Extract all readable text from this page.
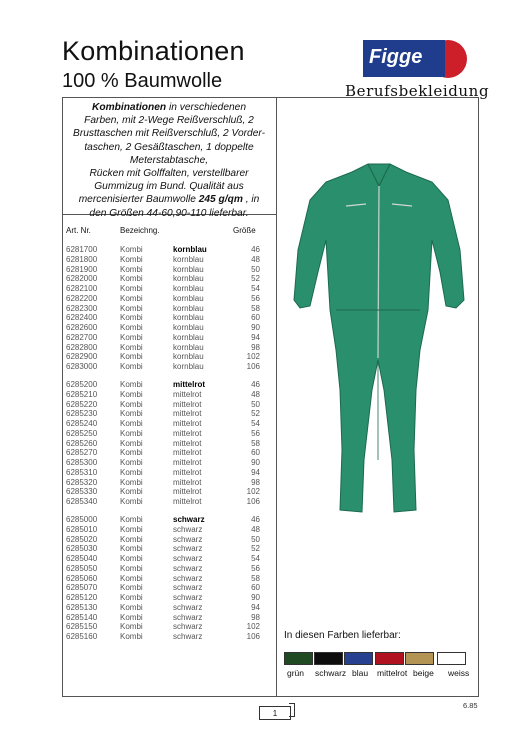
Kombinationen
100 % Baumwolle
Figge
Berufsbekleidung
Kombinationen in verschiedenen
Farben, mit 2-Wege Reißverschluß, 2
Brusttaschen mit Reißverschluß, 2 Vorder-
taschen, 2 Gesäßtaschen, 1 doppelte
Meterstabtasche,
Rücken mit Golffalten, verstellbarer
Gummizug im Bund. Qualität aus
mercenisierter Baumwolle 245 g/qm , in
den Größen 44-60,90-110 lieferbar.
Art. Nr.	Bezeichng.	Größe
6281700	Kombi	kornblau	46
6281800	Kombi	kornblau	48
6281900	Kombi	kornblau	50
6282000	Kombi	kornblau	52
6282100	Kombi	kornblau	54
6282200	Kombi	kornblau	56
6282300	Kombi	kornblau	58
6282400	Kombi	kornblau	60
6282600	Kombi	kornblau	90
6282700	Kombi	kornblau	94
6282800	Kombi	kornblau	98
6282900	Kombi	kornblau	102
6283000	Kombi	kornblau	106
6285200	Kombi	mittelrot	46
6285210	Kombi	mittelrot	48
6285220	Kombi	mittelrot	50
6285230	Kombi	mittelrot	52
6285240	Kombi	mittelrot	54
6285250	Kombi	mittelrot	56
6285260	Kombi	mittelrot	58
6285270	Kombi	mittelrot	60
6285300	Kombi	mittelrot	90
6285310	Kombi	mittelrot	94
6285320	Kombi	mittelrot	98
6285330	Kombi	mittelrot	102
6285340	Kombi	mittelrot	106
6285000	Kombi	schwarz	46
6285010	Kombi	schwarz	48
6285020	Kombi	schwarz	50
6285030	Kombi	schwarz	52
6285040	Kombi	schwarz	54
6285050	Kombi	schwarz	56
6285060	Kombi	schwarz	58
6285070	Kombi	schwarz	60
6285120	Kombi	schwarz	90
6285130	Kombi	schwarz	94
6285140	Kombi	schwarz	98
6285150	Kombi	schwarz	102
6285160	Kombi	schwarz	106 In diesen Farben lieferbar:
1
6.85
grün schwarz blau mittelrot beige weiss
